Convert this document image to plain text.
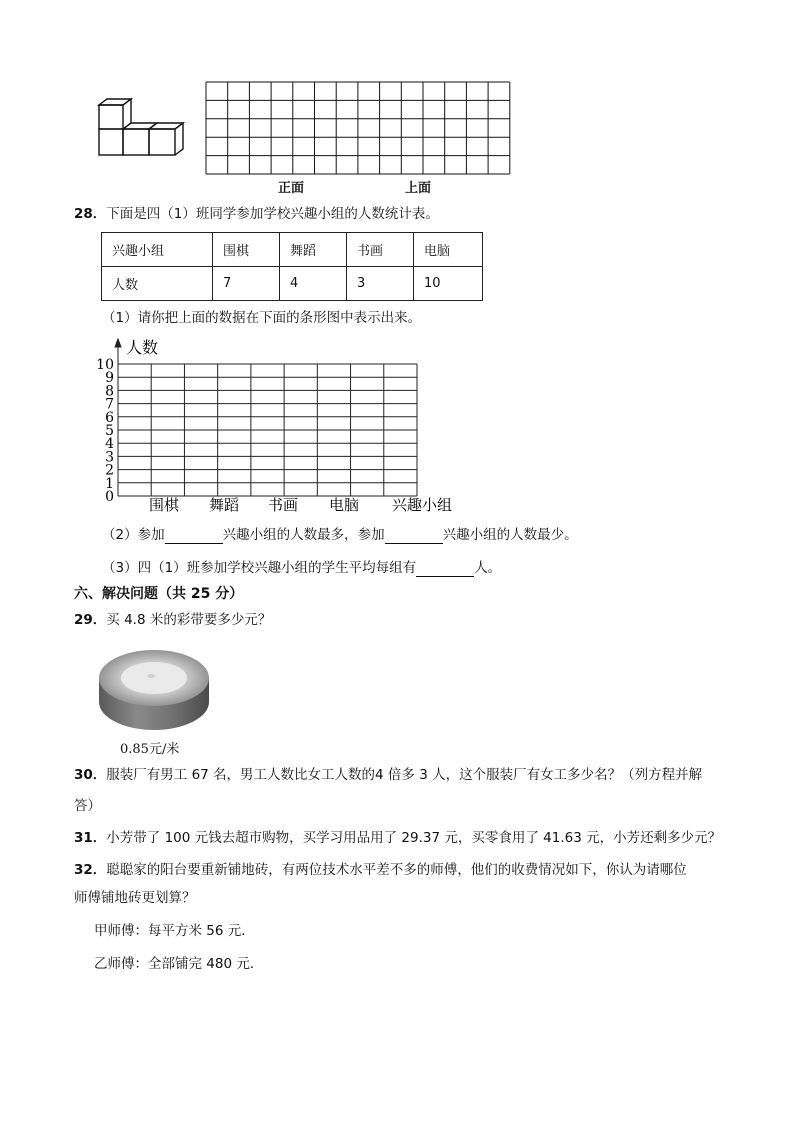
正面	上面
28．下面是四（1）班同学参加学校兴趣小组的人数统计表。
兴趣小组	围棋	舞蹈	书画	电脑
人数	7	4	3	10
（1）请你把上面的数据在下面的条形图中表示出来。
0
1
2
3
4
5
6
7
8
9
10
围棋 舞蹈 书画 电脑
人数
兴趣小组
（2）参加	兴趣小组的人数最多，参加	兴趣小组的人数最少。
（3）四（1）班参加学校兴趣小组的学生平均每组有	人。
六、解决问题（共 25 分）
29．买 4.8 米的彩带要多少元？
0.85元/米
30．服装厂有男工 67 名，男工人数比女工人数的4 倍多 3 人，这个服装厂有女工多少名？（列方程并解
答）
31．小芳带了 100 元钱去超市购物，买学习用品用了 29.37 元，买零食用了 41.63 元，小芳还剩多少元？
32．聪聪家的阳台要重新铺地砖，有两位技术水平差不多的师傅，他们的收费情况如下，你认为请哪位
师傅铺地砖更划算？
甲师傅：每平方米 56 元．
乙师傅：全部铺完 480 元．
